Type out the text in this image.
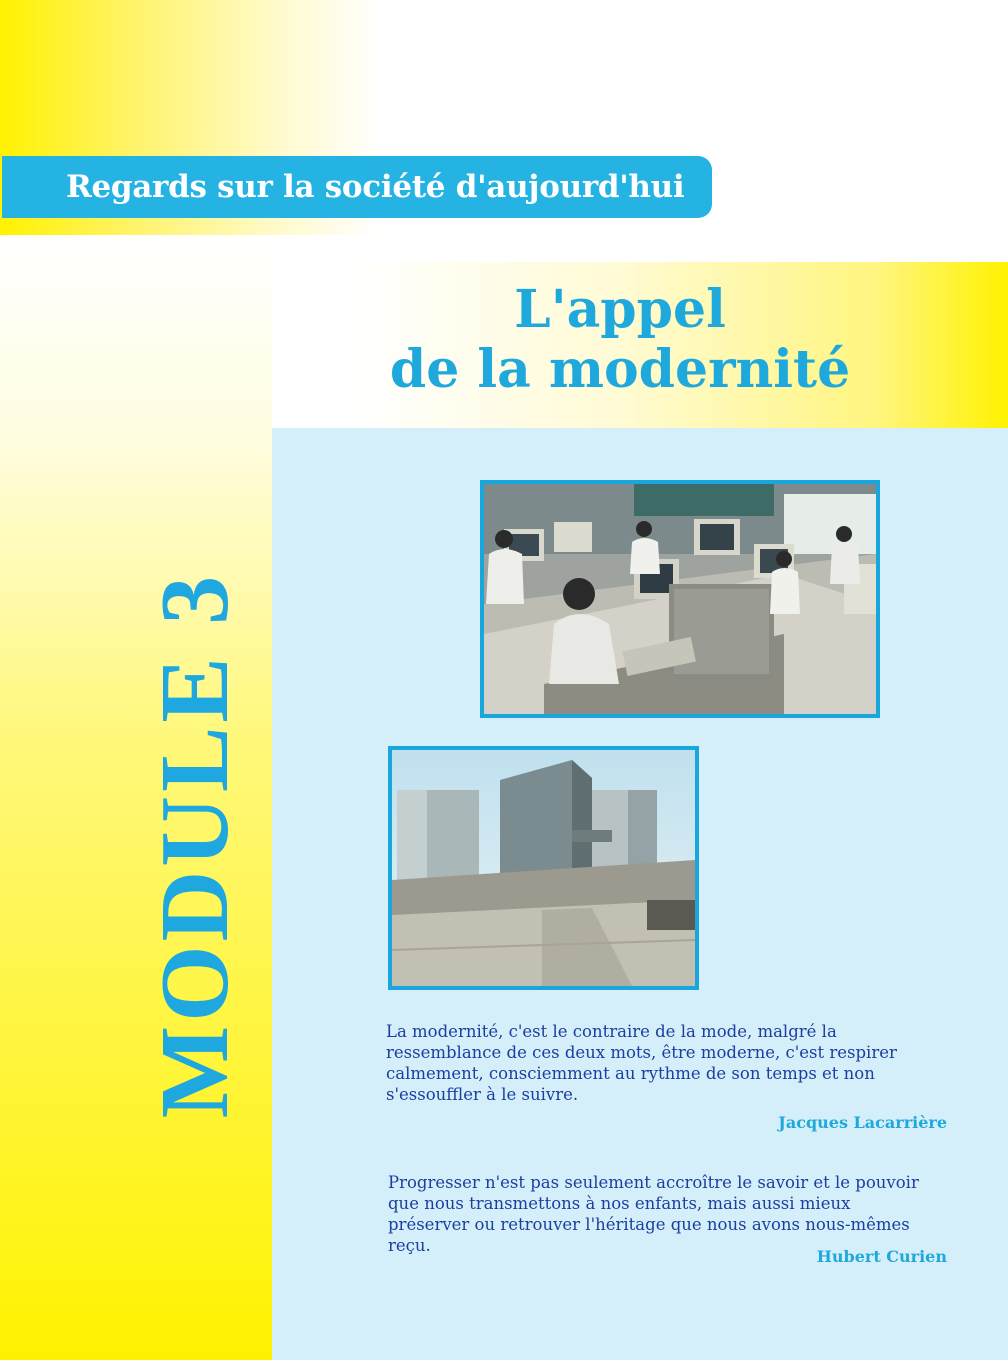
Regards sur la société d'aujourd'hui
L'appel
de la modernité
MODULE 3	La modernité, c'est le contraire de la mode, malgré la ressemblance de ces deux mots, être moderne, c'est respirer calmement, consciemment au rythme de son temps et non s'essouffler à le suivre.
Jacques Lacarrière
Progresser n'est pas seulement accroître le savoir et le pouvoir que nous transmettons à nos enfants, mais aussi mieux préserver ou retrouver l'héritage que nous avons nous-mêmes reçu.
Hubert Curien
